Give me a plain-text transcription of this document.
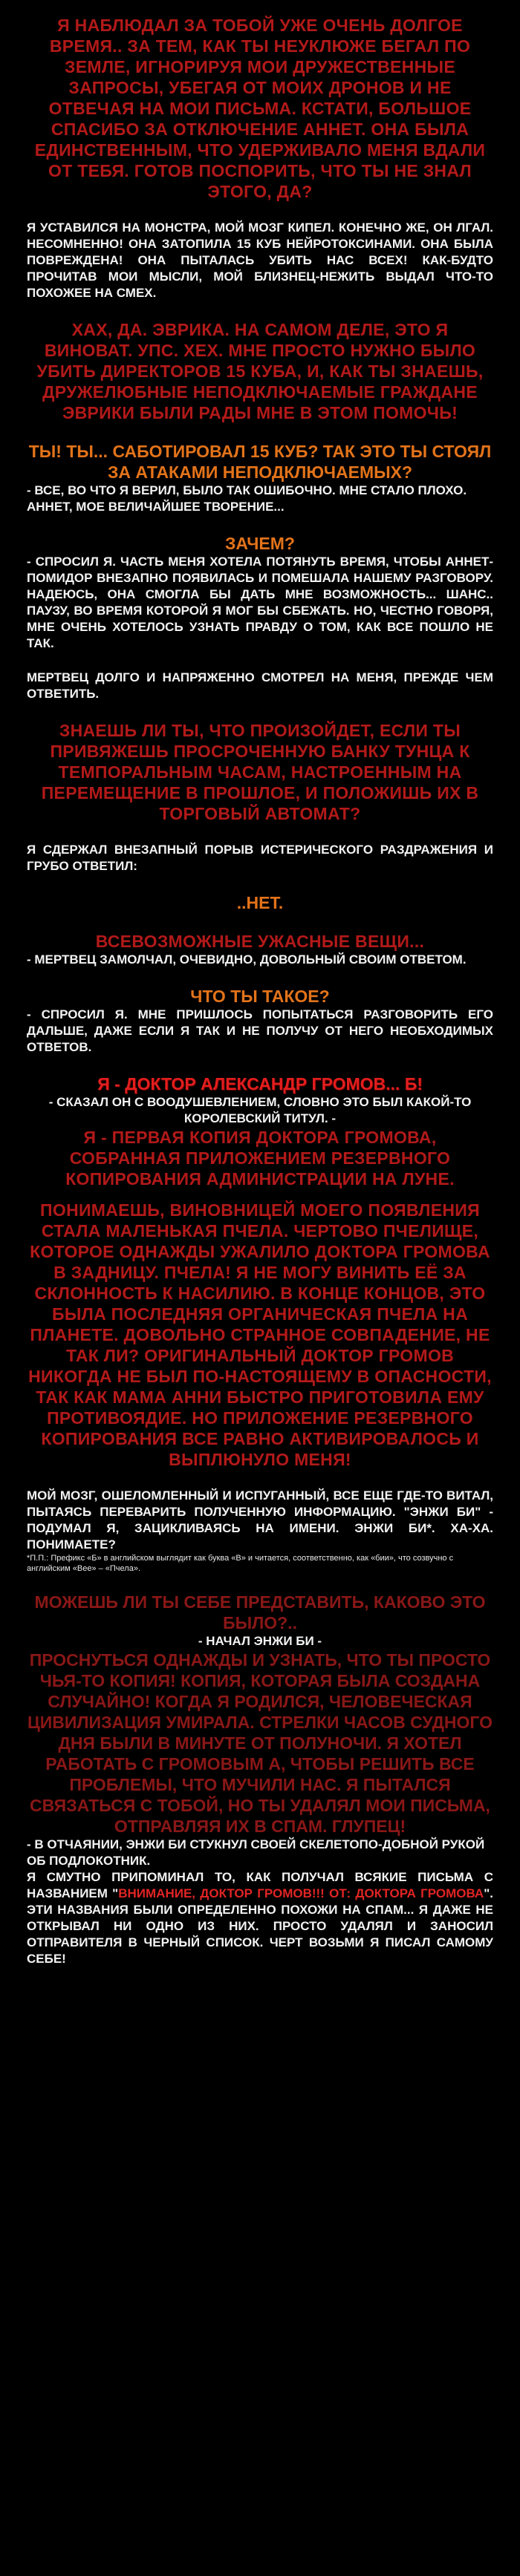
Я НАБЛЮДАЛ ЗА ТОБОЙ УЖЕ ОЧЕНЬ ДОЛГОЕ ВРЕМЯ.. ЗА ТЕМ, КАК ТЫ НЕУКЛЮЖЕ БЕГАЛ ПО ЗЕМЛЕ, ИГНОРИРУЯ МОИ ДРУЖЕСТВЕННЫЕ ЗАПРОСЫ, УБЕГАЯ ОТ МОИХ ДРОНОВ И НЕ ОТВЕЧАЯ НА МОИ ПИСЬМА. КСТАТИ, БОЛЬШОЕ СПАСИБО ЗА ОТКЛЮЧЕНИЕ АННЕТ. ОНА БЫЛА ЕДИНСТВЕННЫМ, ЧТО УДЕРЖИВАЛО МЕНЯ ВДАЛИ ОТ ТЕБЯ. ГОТОВ ПОСПОРИТЬ, ЧТО ТЫ НЕ ЗНАЛ ЭТОГО, ДА?

Я УСТАВИЛСЯ НА МОНСТРА, МОЙ МОЗГ КИПЕЛ. КОНЕЧНО ЖЕ, ОН ЛГАЛ. НЕСОМНЕННО! ОНА ЗАТОПИЛА 15 КУБ НЕЙРОТОКСИНАМИ. ОНА БЫЛА ПОВРЕЖДЕНА! ОНА ПЫТАЛАСЬ УБИТЬ НАС ВСЕХ! КАК-БУДТО ПРОЧИТАВ МОИ МЫСЛИ, МОЙ БЛИЗНЕЦ-НЕЖИТЬ ВЫДАЛ ЧТО-ТО ПОХОЖЕЕ НА СМЕХ.

ХАХ, ДА. ЭВРИКА. НА САМОМ ДЕЛЕ, ЭТО Я ВИНОВАТ. УПС. ХЕХ. МНЕ ПРОСТО НУЖНО БЫЛО УБИТЬ ДИРЕКТОРОВ 15 КУБА, И, КАК ТЫ ЗНАЕШЬ, ДРУЖЕЛЮБНЫЕ НЕПОДКЛЮЧАЕМЫЕ ГРАЖДАНЕ ЭВРИКИ БЫЛИ РАДЫ МНЕ В ЭТОМ ПОМОЧЬ!

ТЫ! ТЫ... САБОТИРОВАЛ 15 КУБ? ТАК ЭТО ТЫ СТОЯЛ ЗА АТАКАМИ НЕПОДКЛЮЧАЕМЫХ?

- ВСЕ, ВО ЧТО Я ВЕРИЛ, БЫЛО ТАК ОШИБОЧНО. МНЕ СТАЛО ПЛОХО. АННЕТ, МОЕ ВЕЛИЧАЙШЕЕ ТВОРЕНИЕ...

ЗАЧЕМ?

- СПРОСИЛ Я. ЧАСТЬ МЕНЯ ХОТЕЛА ПОТЯНУТЬ ВРЕМЯ, ЧТОБЫ АННЕТ-ПОМИДОР ВНЕЗАПНО ПОЯВИЛАСЬ И ПОМЕШАЛА НАШЕМУ РАЗГОВОРУ. НАДЕЮСЬ, ОНА СМОГЛА БЫ ДАТЬ МНЕ ВОЗМОЖНОСТЬ... ШАНС.. ПАУЗУ, ВО ВРЕМЯ КОТОРОЙ Я МОГ БЫ СБЕЖАТЬ. НО, ЧЕСТНО ГОВОРЯ, МНЕ ОЧЕНЬ ХОТЕЛОСЬ УЗНАТЬ ПРАВДУ О ТОМ, КАК ВСЕ ПОШЛО НЕ ТАК.

МЕРТВЕЦ ДОЛГО И НАПРЯЖЕННО СМОТРЕЛ НА МЕНЯ, ПРЕЖДЕ ЧЕМ ОТВЕТИТЬ.

ЗНАЕШЬ ЛИ ТЫ, ЧТО ПРОИЗОЙДЕТ, ЕСЛИ ТЫ ПРИВЯЖЕШЬ ПРОСРОЧЕННУЮ БАНКУ ТУНЦА К ТЕМПОРАЛЬНЫМ ЧАСАМ, НАСТРОЕННЫМ НА ПЕРЕМЕЩЕНИЕ В ПРОШЛОЕ, И ПОЛОЖИШЬ ИХ В ТОРГОВЫЙ АВТОМАТ?

Я СДЕРЖАЛ ВНЕЗАПНЫЙ ПОРЫВ ИСТЕРИЧЕСКОГО РАЗДРАЖЕНИЯ И ГРУБО ОТВЕТИЛ:

..НЕТ.

ВСЕВОЗМОЖНЫЕ УЖАСНЫЕ ВЕЩИ...

- МЕРТВЕЦ ЗАМОЛЧАЛ, ОЧЕВИДНО, ДОВОЛЬНЫЙ СВОИМ ОТВЕТОМ.

ЧТО ТЫ ТАКОЕ?

- СПРОСИЛ Я. МНЕ ПРИШЛОСЬ ПОПЫТАТЬСЯ РАЗГОВОРИТЬ ЕГО ДАЛЬШЕ, ДАЖЕ ЕСЛИ Я ТАК И НЕ ПОЛУЧУ ОТ НЕГО НЕОБХОДИМЫХ ОТВЕТОВ.

Я - ДОКТОР АЛЕКСАНДР ГРОМОВ... Б!

- СКАЗАЛ ОН С ВООДУШЕВЛЕНИЕМ, СЛОВНО ЭТО БЫЛ КАКОЙ-ТО КОРОЛЕВСКИЙ ТИТУЛ. -

Я - ПЕРВАЯ КОПИЯ ДОКТОРА ГРОМОВА, СОБРАННАЯ ПРИЛОЖЕНИЕМ РЕЗЕРВНОГО КОПИРОВАНИЯ АДМИНИСТРАЦИИ НА ЛУНЕ.

ПОНИМАЕШЬ, ВИНОВНИЦЕЙ МОЕГО ПОЯВЛЕНИЯ СТАЛА МАЛЕНЬКАЯ ПЧЕЛА. ЧЕРТОВО ПЧЕЛИЩЕ, КОТОРОЕ ОДНАЖДЫ УЖАЛИЛО ДОКТОРА ГРОМОВА В ЗАДНИЦУ. ПЧЕЛА! Я НЕ МОГУ ВИНИТЬ ЕЁ ЗА СКЛОННОСТЬ К НАСИЛИЮ. В КОНЦЕ КОНЦОВ, ЭТО БЫЛА ПОСЛЕДНЯЯ ОРГАНИЧЕСКАЯ ПЧЕЛА НА ПЛАНЕТЕ. ДОВОЛЬНО СТРАННОЕ СОВПАДЕНИЕ, НЕ ТАК ЛИ? ОРИГИНАЛЬНЫЙ ДОКТОР ГРОМОВ НИКОГДА НЕ БЫЛ ПО-НАСТОЯЩЕМУ В ОПАСНОСТИ, ТАК КАК МАМА АННИ БЫСТРО ПРИГОТОВИЛА ЕМУ ПРОТИВОЯДИЕ. НО ПРИЛОЖЕНИЕ РЕЗЕРВНОГО КОПИРОВАНИЯ ВСЕ РАВНО АКТИВИРОВАЛОСЬ И ВЫПЛЮНУЛО МЕНЯ!

МОЙ МОЗГ, ОШЕЛОМЛЕННЫЙ И ИСПУГАННЫЙ, ВСЕ ЕЩЕ ГДЕ-ТО ВИТАЛ, ПЫТАЯСЬ ПЕРЕВАРИТЬ ПОЛУЧЕННУЮ ИНФОРМАЦИЮ. "ЭНЖИ БИ" - ПОДУМАЛ Я, ЗАЦИКЛИВАЯСЬ НА ИМЕНИ. ЭНЖИ БИ*. ХА-ХА. ПОНИМАЕТЕ?

*П.П.: Префикс «Б» в английском выглядит как буква «B» и читается, соответственно, как «бии», что созвучно с английским «Bee» – «Пчела».

МОЖЕШЬ ЛИ ТЫ СЕБЕ ПРЕДСТАВИТЬ, КАКОВО ЭТО БЫЛО?..

- НАЧАЛ ЭНЖИ БИ -

ПРОСНУТЬСЯ ОДНАЖДЫ И УЗНАТЬ, ЧТО ТЫ ПРОСТО ЧЬЯ-ТО КОПИЯ! КОПИЯ, КОТОРАЯ БЫЛА СОЗДАНА СЛУЧАЙНО! КОГДА Я РОДИЛСЯ, ЧЕЛОВЕЧЕСКАЯ ЦИВИЛИЗАЦИЯ УМИРАЛА. СТРЕЛКИ ЧАСОВ СУДНОГО ДНЯ БЫЛИ В МИНУТЕ ОТ ПОЛУНОЧИ. Я ХОТЕЛ РАБОТАТЬ С ГРОМОВЫМ А, ЧТОБЫ РЕШИТЬ ВСЕ ПРОБЛЕМЫ, ЧТО МУЧИЛИ НАС. Я ПЫТАЛСЯ СВЯЗАТЬСЯ С ТОБОЙ, НО ТЫ УДАЛЯЛ МОИ ПИСЬМА, ОТПРАВЛЯЯ ИХ В СПАМ. ГЛУПЕЦ!

- В ОТЧАЯНИИ, ЭНЖИ БИ СТУКНУЛ СВОЕЙ СКЕЛЕТОПО-ДОБНОЙ РУКОЙ ОБ ПОДЛОКОТНИК.

Я СМУТНО ПРИПОМИНАЛ ТО, КАК ПОЛУЧАЛ ВСЯКИЕ ПИСЬМА С НАЗВАНИЕМ "ВНИМАНИЕ, ДОКТОР ГРОМОВ!!! ОТ: ДОКТОРА ГРОМОВА". ЭТИ НАЗВАНИЯ БЫЛИ ОПРЕДЕЛЕННО ПОХОЖИ НА СПАМ... Я ДАЖЕ НЕ ОТКРЫВАЛ НИ ОДНО ИЗ НИХ. ПРОСТО УДАЛЯЛ И ЗАНОСИЛ ОТПРАВИТЕЛЯ В ЧЕРНЫЙ СПИСОК. ЧЕРТ ВОЗЬМИ Я ПИСАЛ САМОМУ СЕБЕ!
